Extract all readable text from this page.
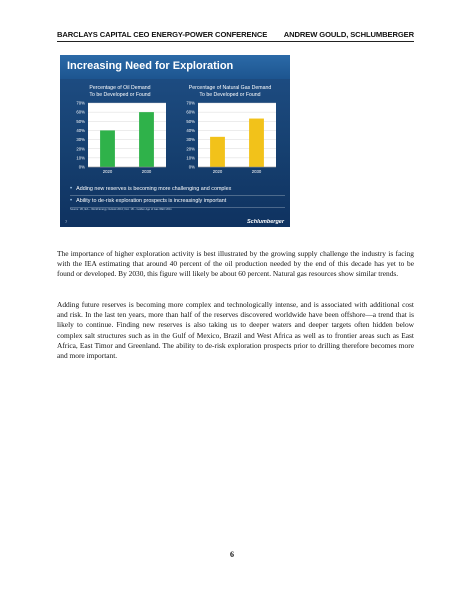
BARCLAYS CAPITAL CEO ENERGY-POWER CONFERENCE ANDREW GOULD, SCHLUMBERGER
Increasing Need for Exploration
Percentage of Oil Demand
To be Developed or Found
0%
10%
20%
30%
40%
50%
60%
70%
2020	2030
Percentage of Natural Gas Demand
To be Developed or Found
0%
10%
20%
30%
40%
50%
60%
70%
2020	2030
• Adding new reserves is becoming more challenging and complex
• Ability to de-risk exploration prospects is increasingly important
Source: 1B, IEA – World Energy Outlook 2010; Doc. 1B – Golden Age of Gas WEO 2011
7	Schlumberger

The importance of higher exploration activity is best illustrated by the growing supply challenge the industry is facing with the IEA estimating that around 40 percent of the oil production needed by the end of this decade has yet to be found or developed. By 2030, this figure will likely be about 60 percent. Natural gas resources show similar trends.

Adding future reserves is becoming more complex and technologically intense, and is associated with additional cost and risk. In the last ten years, more than half of the reserves discovered worldwide have been offshore—a trend that is likely to continue. Finding new reserves is also taking us to deeper waters and deeper targets often hidden below complex salt structures such as in the Gulf of Mexico, Brazil and West Africa as well as to frontier areas such as East Africa, East Timor and Greenland. The ability to de-risk exploration prospects prior to drilling therefore becomes more and more important.

6
